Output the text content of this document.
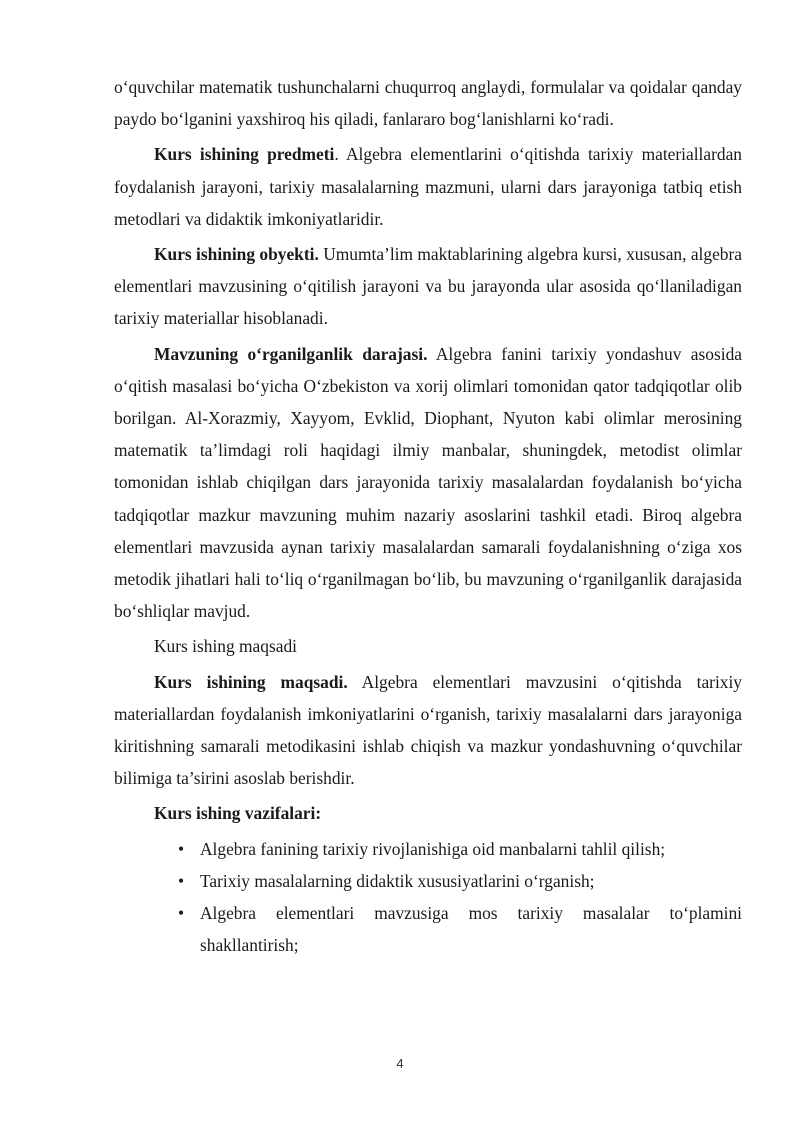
o‘quvchilar matematik tushunchalarni chuqurroq anglaydi, formulalar va qoidalar qanday paydo bo‘lganini yaxshiroq his qiladi, fanlararo bog‘lanishlarni ko‘radi.

Kurs ishining predmeti. Algebra elementlarini o‘qitishda tarixiy materiallardan foydalanish jarayoni, tarixiy masalalarning mazmuni, ularni dars jarayoniga tatbiq etish metodlari va didaktik imkoniyatlaridir.

Kurs ishining obyekti. Umumta’lim maktablarining algebra kursi, xususan, algebra elementlari mavzusining o‘qitilish jarayoni va bu jarayonda ular asosida qo‘llaniladigan tarixiy materiallar hisoblanadi.

Mavzuning o‘rganilganlik darajasi. Algebra fanini tarixiy yondashuv asosida o‘qitish masalasi bo‘yicha O‘zbekiston va xorij olimlari tomonidan qator tadqiqotlar olib borilgan. Al-Xorazmiy, Xayyom, Evklid, Diophant, Nyuton kabi olimlar merosining matematik ta’limdagi roli haqidagi ilmiy manbalar, shuningdek, metodist olimlar tomonidan ishlab chiqilgan dars jarayonida tarixiy masalalardan foydalanish bo‘yicha tadqiqotlar mazkur mavzuning muhim nazariy asoslarini tashkil etadi. Biroq algebra elementlari mavzusida aynan tarixiy masalalardan samarali foydalanishning o‘ziga xos metodik jihatlari hali to‘liq o‘rganilmagan bo‘lib, bu mavzuning o‘rganilganlik darajasida bo‘shliqlar mavjud.

Kurs ishing maqsadi

Kurs ishining maqsadi. Algebra elementlari mavzusini o‘qitishda tarixiy materiallardan foydalanish imkoniyatlarini o‘rganish, tarixiy masalalarni dars jarayoniga kiritishning samarali metodikasini ishlab chiqish va mazkur yondashuvning o‘quvchilar bilimiga ta’sirini asoslab berishdir.

Kurs ishing vazifalari:

• Algebra fanining tarixiy rivojlanishiga oid manbalarni tahlil qilish;
• Tarixiy masalalarning didaktik xususiyatlarini o‘rganish;
• Algebra elementlari mavzusiga mos tarixiy masalalar to‘plamini shakllantirish;
4
